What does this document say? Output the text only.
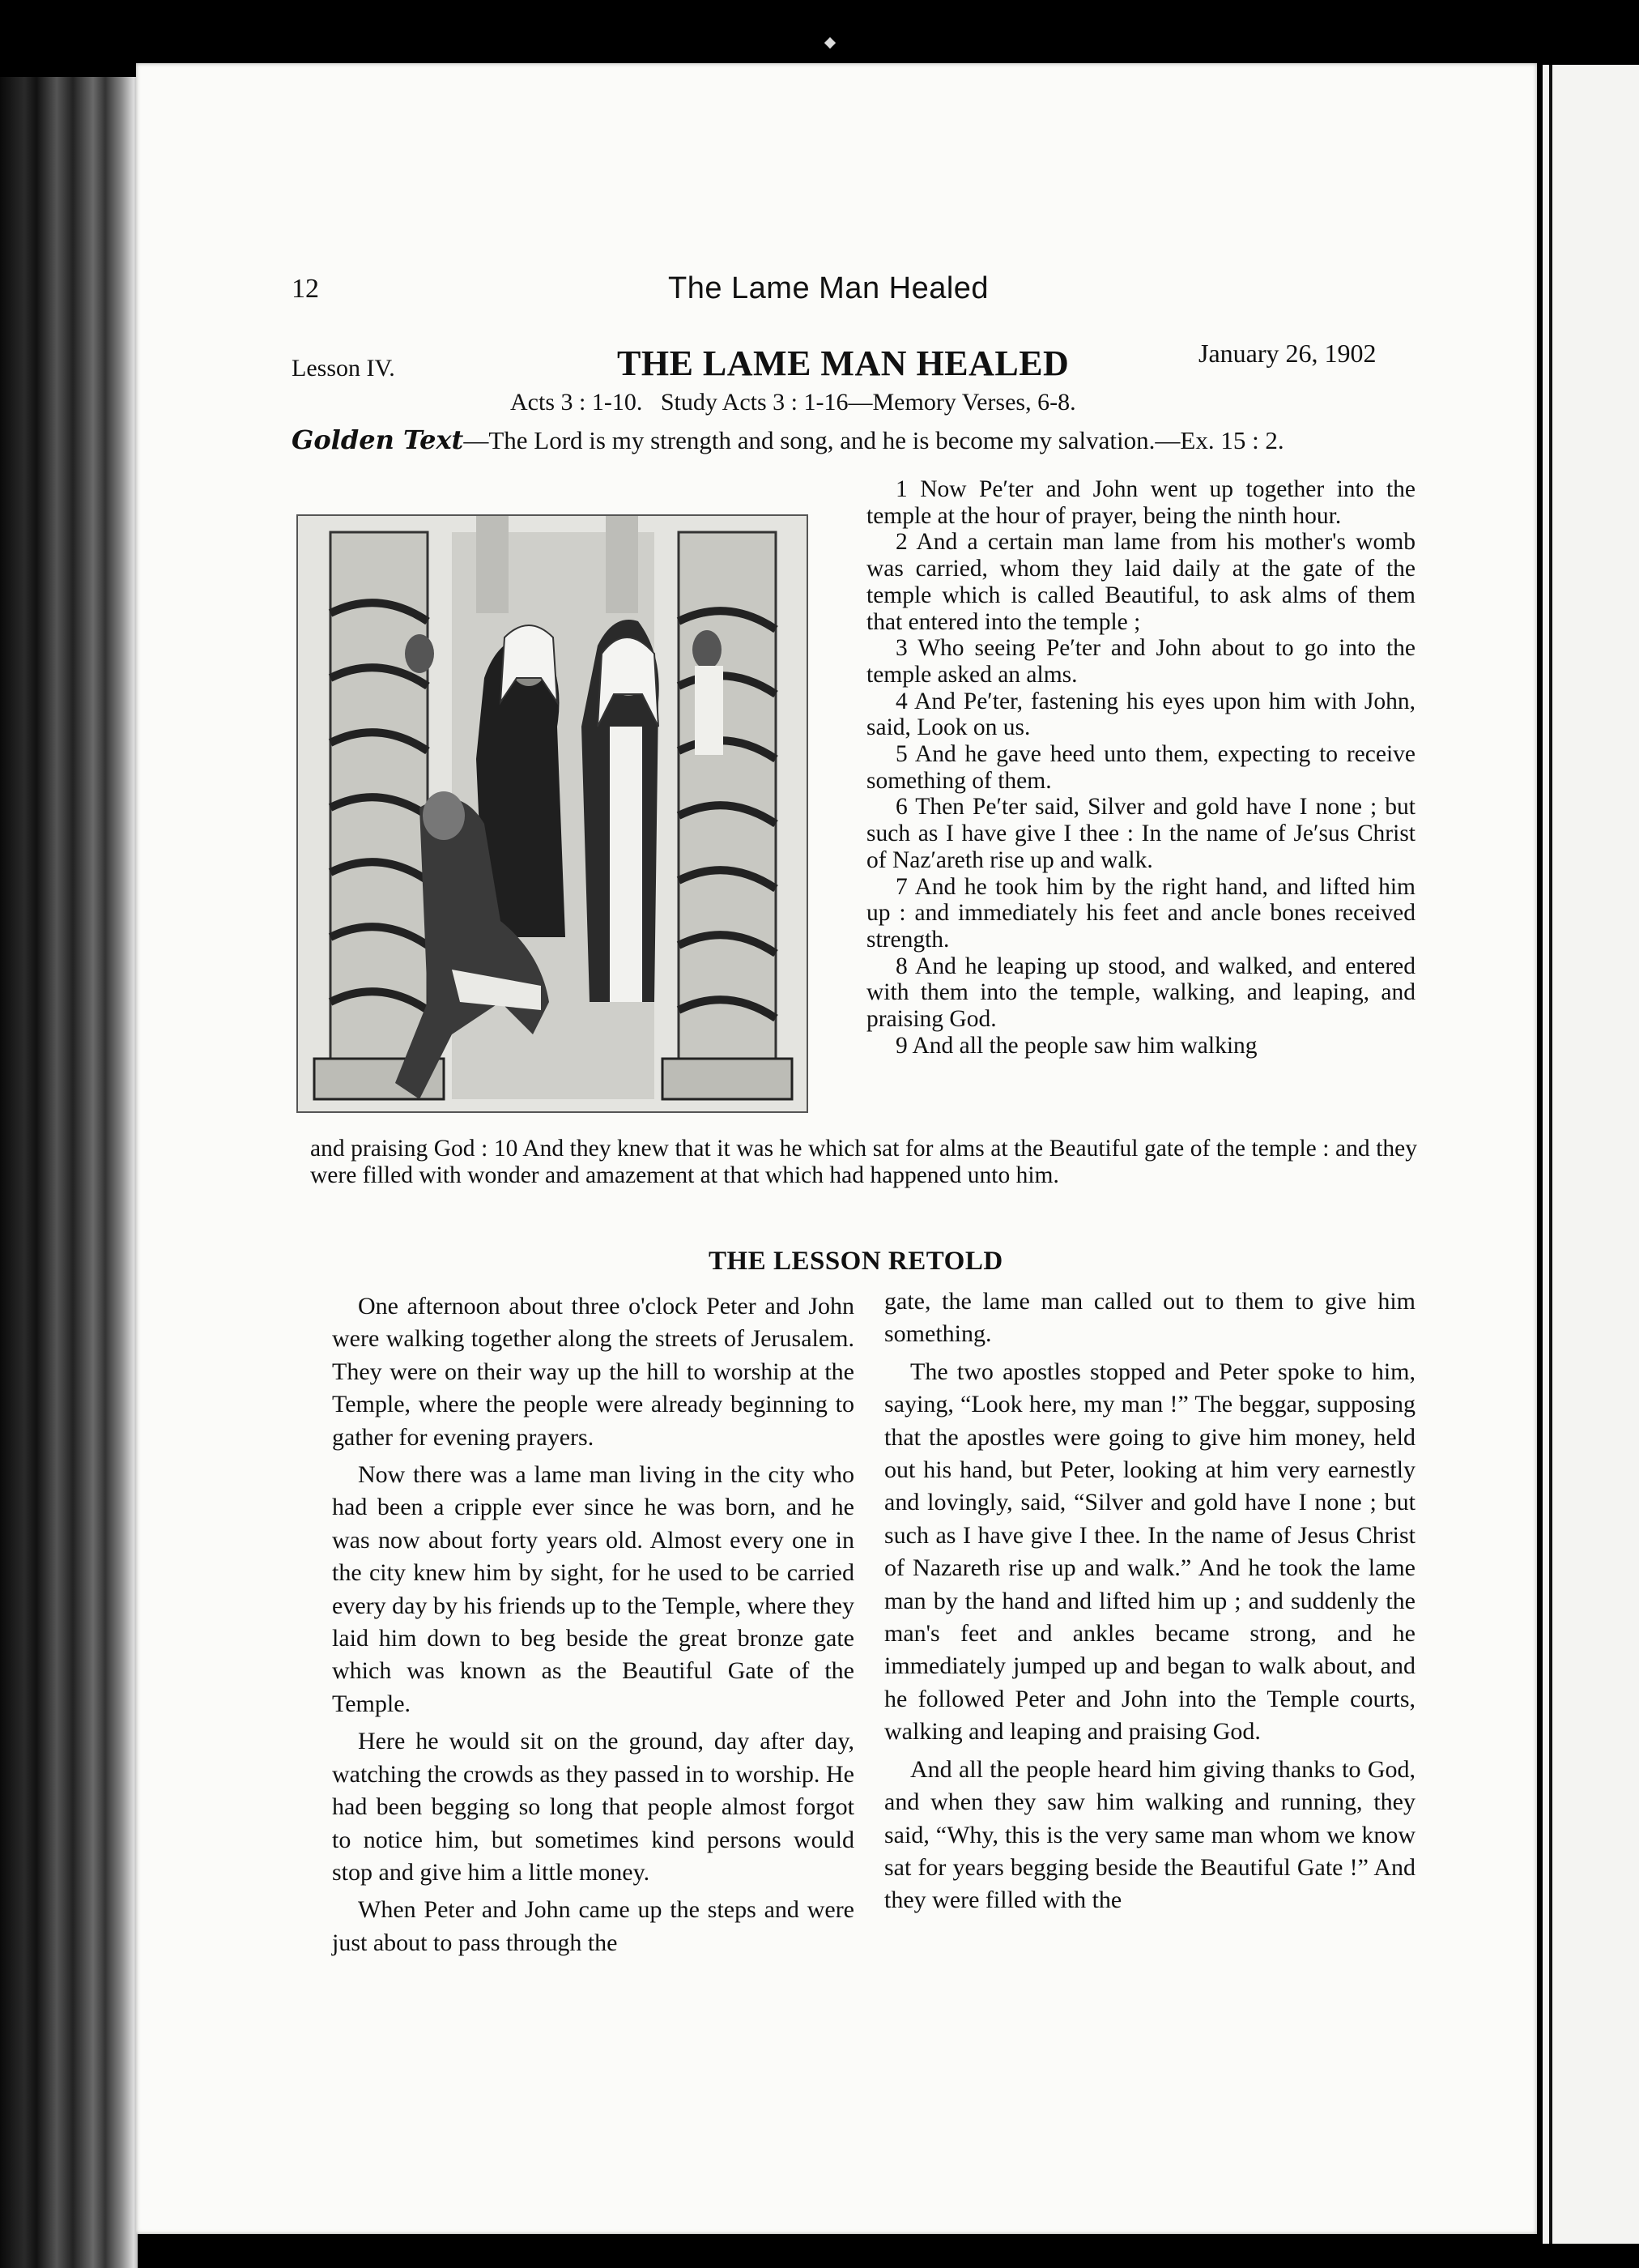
12	The Lame Man Healed
Lesson IV.	THE LAME MAN HEALED	January 26, 1902
Acts 3 : 1-10.   Study Acts 3 : 1-16—Memory Verses, 6-8.
Golden Text—The Lord is my strength and song, and he is become my salvation.—Ex. 15 : 2.

1 Now Pe′ter and John went up together into the temple at the hour of prayer, being the ninth hour.

2 And a certain man lame from his mother's womb was carried, whom they laid daily at the gate of the temple which is called Beautiful, to ask alms of them that entered into the temple ;

3 Who seeing Pe′ter and John about to go into the temple asked an alms.

4 And Pe′ter, fastening his eyes upon him with John, said, Look on us.

5 And he gave heed unto them, expecting to receive something of them.

6 Then Pe′ter said, Silver and gold have I none ; but such as I have give I thee : In the name of Je′sus Christ of Naz′areth rise up and walk.

7 And he took him by the right hand, and lifted him up : and immediately his feet and ancle bones received strength.

8 And he leaping up stood, and walked, and entered with them into the temple, walking, and leaping, and praising God.

9 And all the people saw him walking

and praising God : 10 And they knew that it was he which sat for alms at the Beautiful gate of the temple : and they were filled with wonder and amazement at that which had happened unto him.
THE LESSON RETOLD

One afternoon about three o'clock Peter and John were walking together along the streets of Jerusalem. They were on their way up the hill to worship at the Temple, where the people were already beginning to gather for evening prayers.

Now there was a lame man living in the city who had been a cripple ever since he was born, and he was now about forty years old. Almost every one in the city knew him by sight, for he used to be carried every day by his friends up to the Temple, where they laid him down to beg beside the great bronze gate which was known as the Beautiful Gate of the Temple.

Here he would sit on the ground, day after day, watching the crowds as they passed in to worship. He had been begging so long that people almost forgot to notice him, but sometimes kind persons would stop and give him a little money.

When Peter and John came up the steps and were just about to pass through the

gate, the lame man called out to them to give him something.

The two apostles stopped and Peter spoke to him, saying, “Look here, my man !” The beggar, supposing that the apostles were going to give him money, held out his hand, but Peter, looking at him very earnestly and lovingly, said, “Silver and gold have I none ; but such as I have give I thee. In the name of Jesus Christ of Nazareth rise up and walk.” And he took the lame man by the hand and lifted him up ; and suddenly the man's feet and ankles became strong, and he immediately jumped up and began to walk about, and he followed Peter and John into the Temple courts, walking and leaping and praising God.

And all the people heard him giving thanks to God, and when they saw him walking and running, they said, “Why, this is the very same man whom we know sat for years begging beside the Beautiful Gate !” And they were filled with the
